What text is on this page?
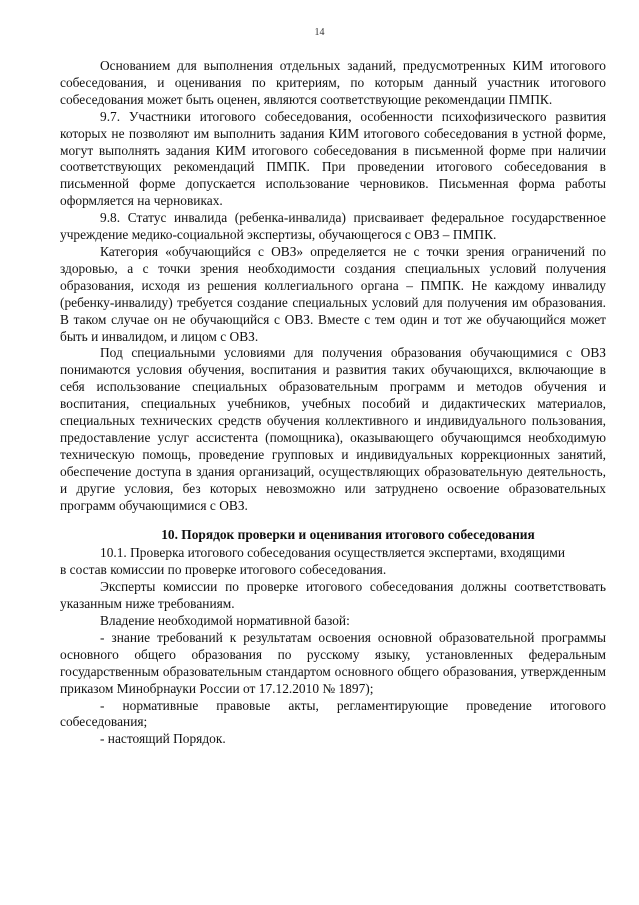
14

Основанием для выполнения отдельных заданий, предусмотренных КИМ итогового собеседования, и оценивания по критериям, по которым данный участник итогового собеседования может быть оценен, являются соответствующие рекомендации ПМПК.

9.7. Участники итогового собеседования, особенности психофизического развития которых не позволяют им выполнить задания КИМ итогового собеседования в устной форме, могут выполнять задания КИМ итогового собеседования в письменной форме при наличии соответствующих рекомендаций ПМПК. При проведении итогового собеседования в письменной форме допускается использование черновиков. Письменная форма работы оформляется на черновиках.

9.8. Статус инвалида (ребенка-инвалида) присваивает федеральное государственное учреждение медико-социальной экспертизы, обучающегося с ОВЗ – ПМПК.

Категория «обучающийся с ОВЗ» определяется не с точки зрения ограничений по здоровью, а с точки зрения необходимости создания специальных условий получения образования, исходя из решения коллегиального органа – ПМПК. Не каждому инвалиду (ребенку-инвалиду) требуется создание специальных условий для получения им образования. В таком случае он не обучающийся с ОВЗ. Вместе с тем один и тот же обучающийся может быть и инвалидом, и лицом с ОВЗ.

Под специальными условиями для получения образования обучающимися с ОВЗ понимаются условия обучения, воспитания и развития таких обучающихся, включающие в себя использование специальных образовательным программ и методов обучения и воспитания, специальных учебников, учебных пособий и дидактических материалов, специальных технических средств обучения коллективного и индивидуального пользования, предоставление услуг ассистента (помощника), оказывающего обучающимся необходимую техническую помощь, проведение групповых и индивидуальных коррекционных занятий, обеспечение доступа в здания организаций, осуществляющих образовательную деятельность, и другие условия, без которых невозможно или затруднено освоение образовательных программ обучающимися с ОВЗ.

10. Порядок проверки и оценивания итогового собеседования

10.1. Проверка итогового собеседования осуществляется экспертами, входящими

в состав комиссии по проверке итогового собеседования.

Эксперты комиссии по проверке итогового собеседования должны соответствовать указанным ниже требованиям.

Владение необходимой нормативной базой:

- знание требований к результатам освоения основной образовательной программы основного общего образования по русскому языку, установленных федеральным государственным образовательным стандартом основного общего образования, утвержденным приказом Минобрнауки России от 17.12.2010 № 1897);

- нормативные правовые акты, регламентирующие проведение итогового собеседования;

- настоящий Порядок.
